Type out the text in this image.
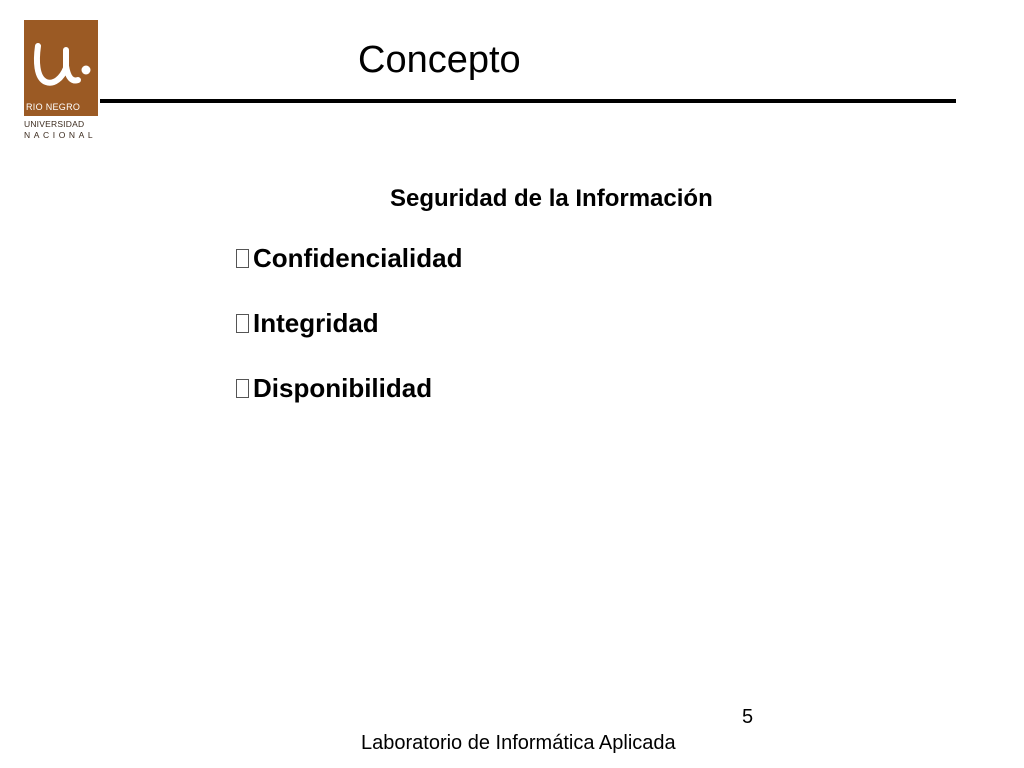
RIO NEGRO
UNIVERSIDAD
NACIONAL
Concepto
Seguridad de la Información
Confidencialidad
Integridad
Disponibilidad
5
Laboratorio de Informática Aplicada
